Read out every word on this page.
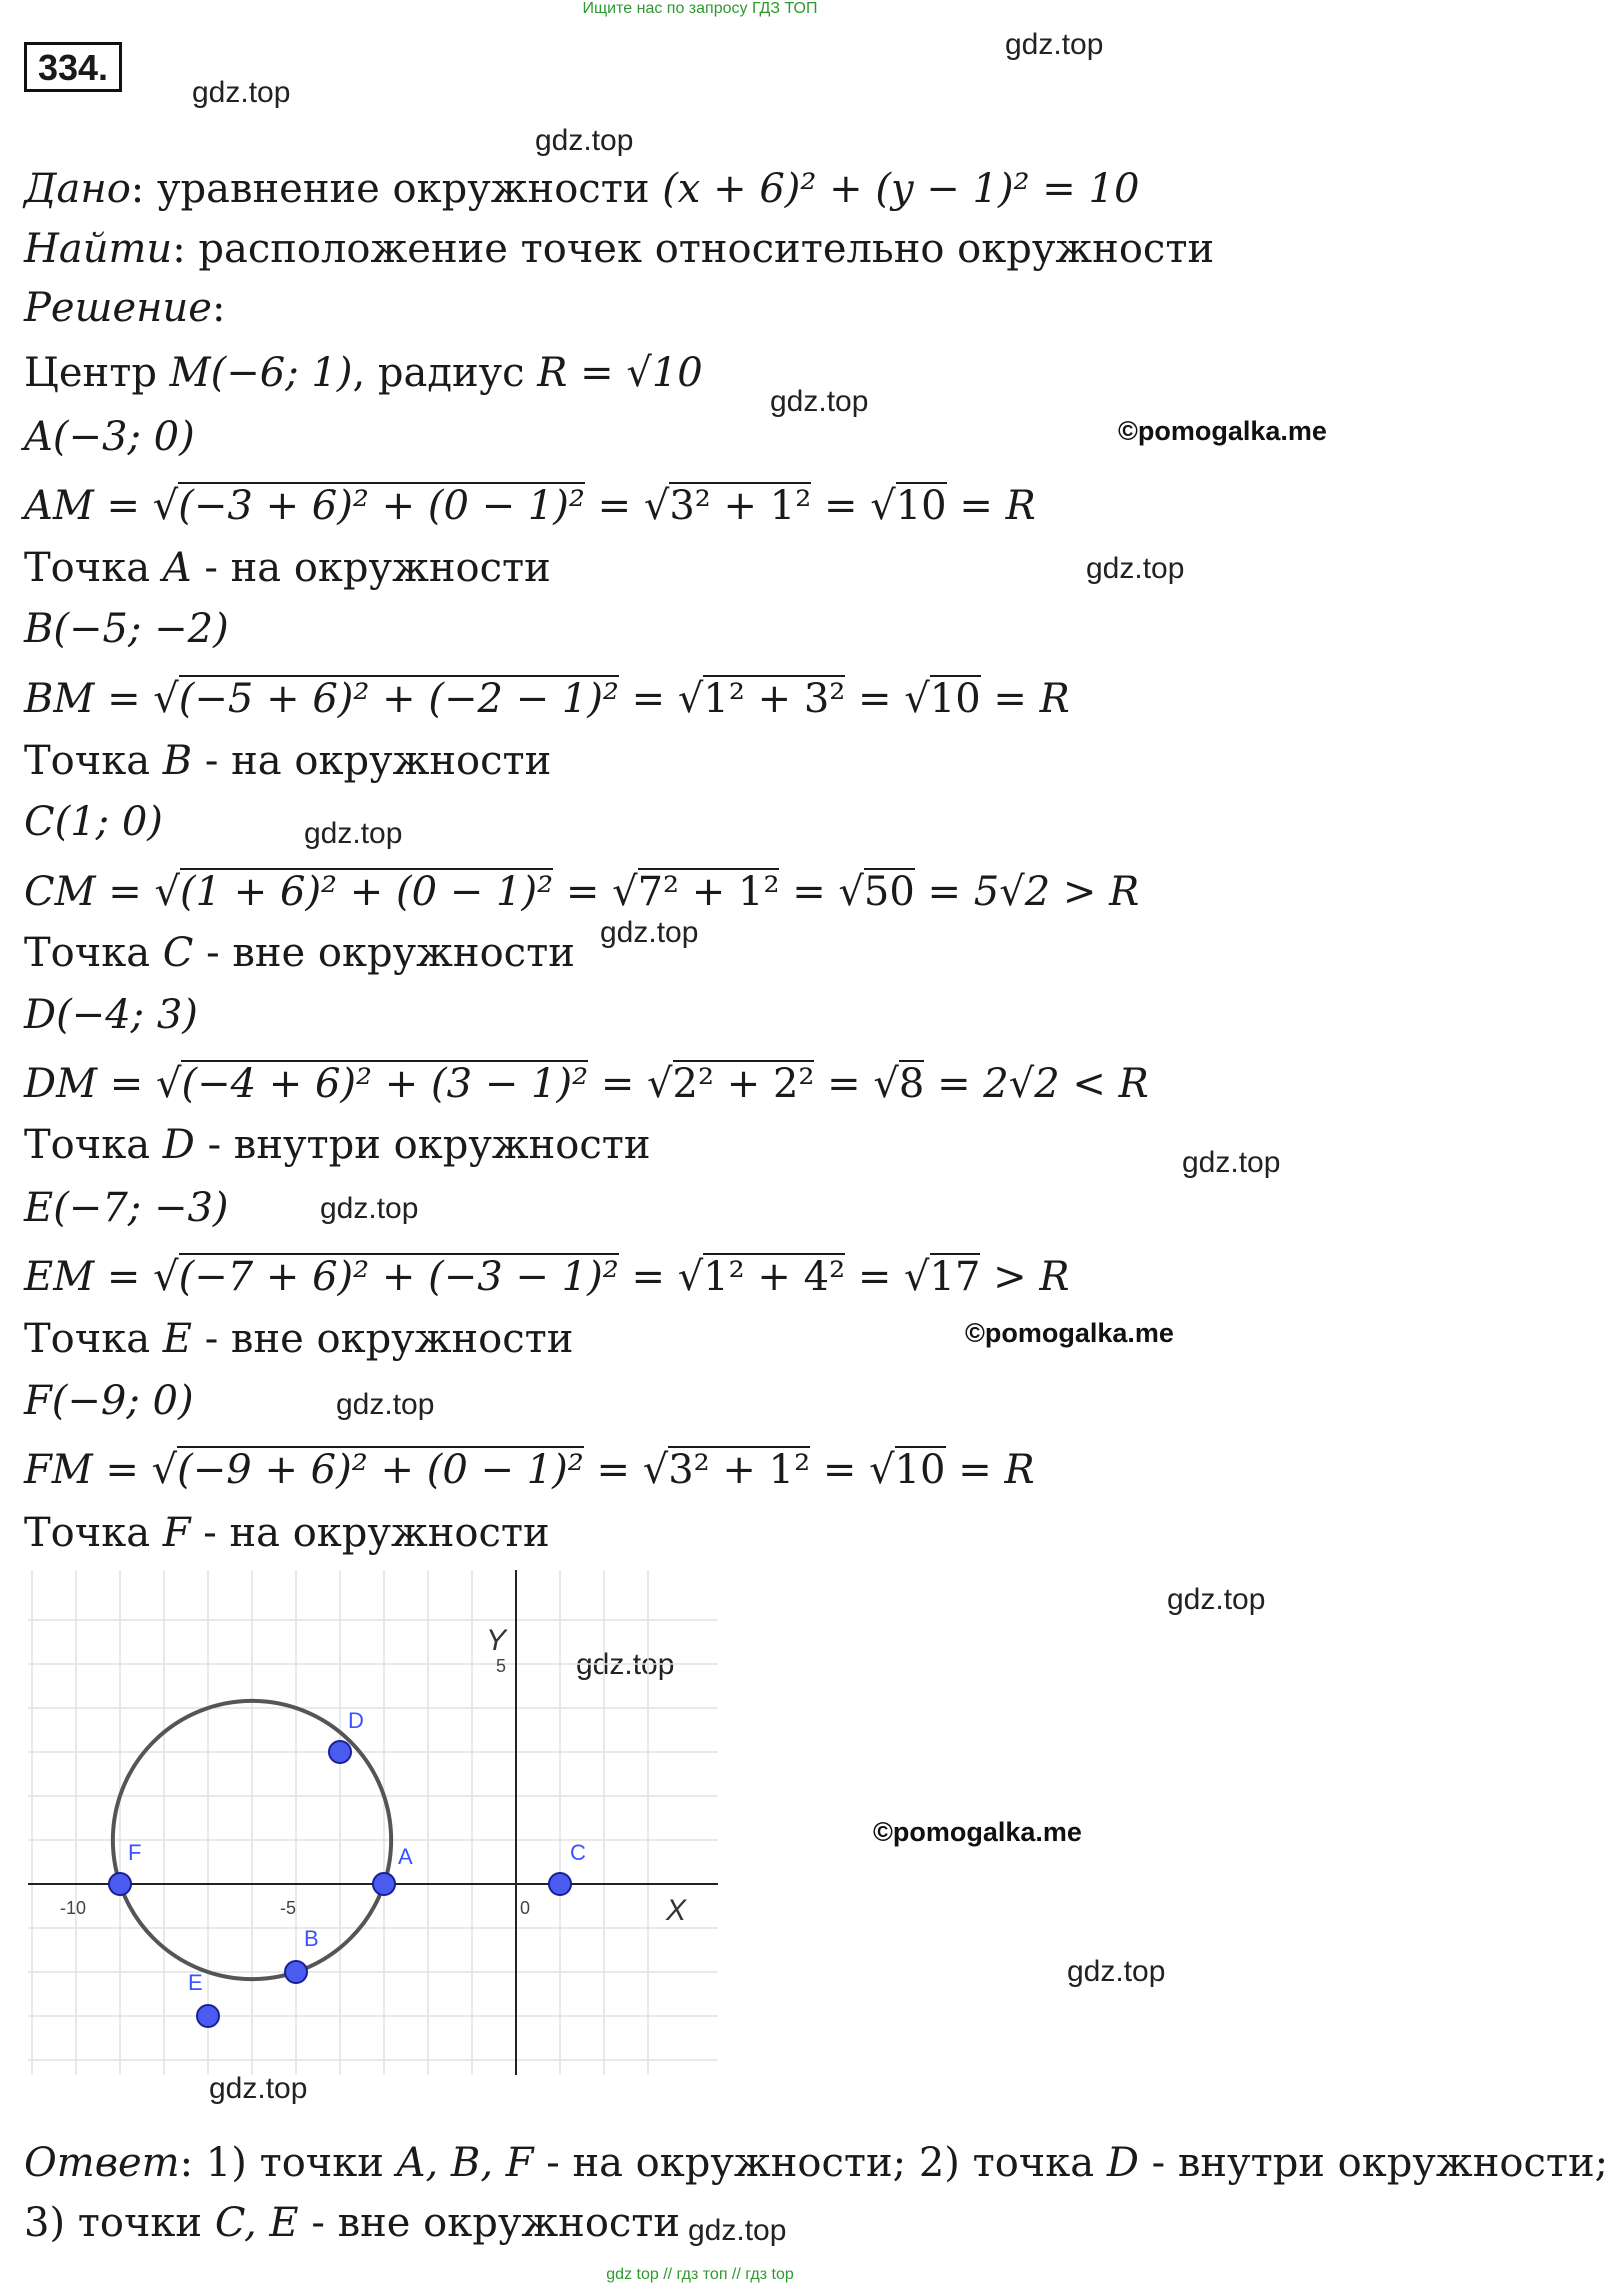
Ищите нас по запросу ГДЗ ТОП
gdz top // гдз топ // гдз top
334.
gdz.top
gdz.top
gdz.top
gdz.top
©pomogalka.me
gdz.top
gdz.top
gdz.top
gdz.top
gdz.top
©pomogalka.me
gdz.top
gdz.top
gdz.top
©pomogalka.me
gdz.top
gdz.top
gdz.top
Дано: уравнение окружности (x + 6)² + (y − 1)² = 10
Найти: расположение точек относительно окружности
Решение:
Центр M(−6; 1), радиус R = √10
A(−3; 0)
AM = √(−3 + 6)² + (0 − 1)² = √3² + 1² = √10 = R
Точка A - на окружности
B(−5; −2)
BM = √(−5 + 6)² + (−2 − 1)² = √1² + 3² = √10 = R
Точка B - на окружности
C(1; 0)
CM = √(1 + 6)² + (0 − 1)² = √7² + 1² = √50 = 5√2 > R
Точка C - вне окружности
D(−4; 3)
DM = √(−4 + 6)² + (3 − 1)² = √2² + 2² = √8 = 2√2 < R
Точка D - внутри окружности
E(−7; −3)
EM = √(−7 + 6)² + (−3 − 1)² = √1² + 4² = √17 > R
Точка E - вне окружности
F(−9; 0)
FM = √(−9 + 6)² + (0 − 1)² = √3² + 1² = √10 = R
Точка F - на окружности
-10	-5	0
5
X
Y
A
B
C
D
E
F
Ответ: 1) точки A, B, F - на окружности; 2) точка D - внутри окружности;
3) точки C, E - вне окружности
